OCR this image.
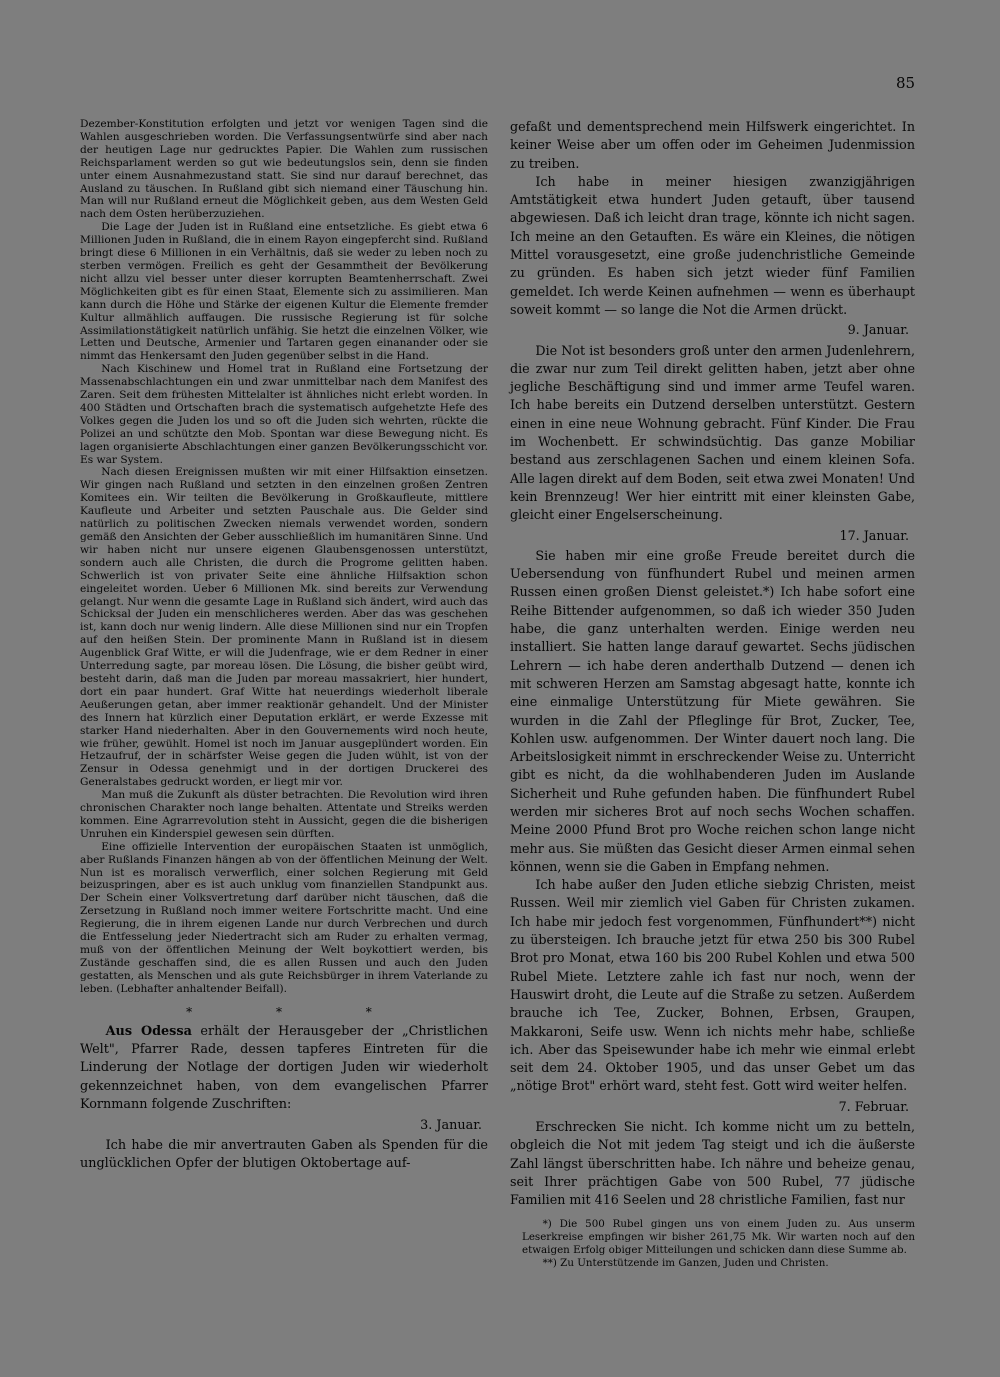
85

Dezember-Konstitution erfolgten und jetzt vor wenigen Tagen sind die Wahlen ausgeschrieben worden. Die Verfassungsentwürfe sind aber nach der heutigen Lage nur gedrucktes Papier. Die Wahlen zum russischen Reichsparlament werden so gut wie bedeutungslos sein, denn sie finden unter einem Ausnahmezustand statt. Sie sind nur darauf berechnet, das Ausland zu täuschen. In Rußland gibt sich niemand einer Täuschung hin. Man will nur Rußland erneut die Möglichkeit geben, aus dem Westen Geld nach dem Osten herüberzuziehen.

Die Lage der Juden ist in Rußland eine entsetzliche. Es giebt etwa 6 Millionen Juden in Rußland, die in einem Rayon eingepfercht sind. Rußland bringt diese 6 Millionen in ein Verhältnis, daß sie weder zu leben noch zu sterben vermögen. Freilich es geht der Gesammtheit der Bevölkerung nicht allzu viel besser unter dieser korrupten Beamtenherrschaft. Zwei Möglichkeiten gibt es für einen Staat, Elemente sich zu assimilieren. Man kann durch die Höhe und Stärke der eigenen Kultur die Elemente fremder Kultur allmählich auffaugen. Die russische Regierung ist für solche Assimilationstätigkeit natürlich unfähig. Sie hetzt die einzelnen Völker, wie Letten und Deutsche, Armenier und Tartaren gegen einanander oder sie nimmt das Henkersamt den Juden gegenüber selbst in die Hand.

Nach Kischinew und Homel trat in Rußland eine Fortsetzung der Massenabschlachtungen ein und zwar unmittelbar nach dem Manifest des Zaren. Seit dem frühesten Mittelalter ist ähnliches nicht erlebt worden. In 400 Städten und Ortschaften brach die systematisch aufgehetzte Hefe des Volkes gegen die Juden los und so oft die Juden sich wehrten, rückte die Polizei an und schützte den Mob. Spontan war diese Bewegung nicht. Es lagen organisierte Abschlachtungen einer ganzen Bevölkerungsschicht vor. Es war System.

Nach diesen Ereignissen mußten wir mit einer Hilfsaktion einsetzen. Wir gingen nach Rußland und setzten in den einzelnen großen Zentren Komitees ein. Wir teilten die Bevölkerung in Großkaufleute, mittlere Kaufleute und Arbeiter und setzten Pauschale aus. Die Gelder sind natürlich zu politischen Zwecken niemals verwendet worden, sondern gemäß den Ansichten der Geber ausschließlich im humanitären Sinne. Und wir haben nicht nur unsere eigenen Glaubensgenossen unterstützt, sondern auch alle Christen, die durch die Progrome gelitten haben. Schwerlich ist von privater Seite eine ähnliche Hilfsaktion schon eingeleitet worden. Ueber 6 Millionen Mk. sind bereits zur Verwendung gelangt. Nur wenn die gesamte Lage in Rußland sich ändert, wird auch das Schicksal der Juden ein menschlicheres werden. Aber das was geschehen ist, kann doch nur wenig lindern. Alle diese Millionen sind nur ein Tropfen auf den heißen Stein. Der prominente Mann in Rußland ist in diesem Augenblick Graf Witte, er will die Judenfrage, wie er dem Redner in einer Unterredung sagte, par moreau lösen. Die Lösung, die bisher geübt wird, besteht darin, daß man die Juden par moreau massakriert, hier hundert, dort ein paar hundert. Graf Witte hat neuerdings wiederholt liberale Aeußerungen getan, aber immer reaktionär gehandelt. Und der Minister des Innern hat kürzlich einer Deputation erklärt, er werde Exzesse mit starker Hand niederhalten. Aber in den Gouvernements wird noch heute, wie früher, gewühlt. Homel ist noch im Januar ausgeplündert worden. Ein Hetzaufruf, der in schärfster Weise gegen die Juden wühlt, ist von der Zensur in Odessa genehmigt und in der dortigen Druckerei des Generalstabes gedruckt worden, er liegt mir vor.

Man muß die Zukunft als düster betrachten. Die Revolution wird ihren chronischen Charakter noch lange behalten. Attentate und Streiks werden kommen. Eine Agrarrevolution steht in Aussicht, gegen die die bisherigen Unruhen ein Kinderspiel gewesen sein dürften.

Eine offizielle Intervention der europäischen Staaten ist unmöglich, aber Rußlands Finanzen hängen ab von der öffentlichen Meinung der Welt. Nun ist es moralisch verwerflich, einer solchen Regierung mit Geld beizuspringen, aber es ist auch unklug vom finanziellen Standpunkt aus. Der Schein einer Volksvertretung darf darüber nicht täuschen, daß die Zersetzung in Rußland noch immer weitere Fortschritte macht. Und eine Regierung, die in ihrem eigenen Lande nur durch Verbrechen und durch die Entfesselung jeder Niedertracht sich am Ruder zu erhalten vermag, muß von der öffentlichen Meinung der Welt boykottiert werden, bis Zustände geschaffen sind, die es allen Russen und auch den Juden gestatten, als Menschen und als gute Reichsbürger in ihrem Vaterlande zu leben. (Lebhafter anhaltender Beifall).

* * *

Aus Odessa erhält der Herausgeber der „Christlichen Welt", Pfarrer Rade, dessen tapferes Eintreten für die Linderung der Notlage der dortigen Juden wir wiederholt gekennzeichnet haben, von dem evangelischen Pfarrer Kornmann folgende Zuschriften:

3. Januar.

Ich habe die mir anvertrauten Gaben als Spenden für die unglücklichen Opfer der blutigen Oktobertage auf-

gefaßt und dementsprechend mein Hilfswerk eingerichtet. In keiner Weise aber um offen oder im Geheimen Judenmission zu treiben.

Ich habe in meiner hiesigen zwanzigjährigen Amtstätigkeit etwa hundert Juden getauft, über tausend abgewiesen. Daß ich leicht dran trage, könnte ich nicht sagen. Ich meine an den Getauften. Es wäre ein Kleines, die nötigen Mittel vorausgesetzt, eine große judenchristliche Gemeinde zu gründen. Es haben sich jetzt wieder fünf Familien gemeldet. Ich werde Keinen aufnehmen — wenn es überhaupt soweit kommt — so lange die Not die Armen drückt.

9. Januar.

Die Not ist besonders groß unter den armen Judenlehrern, die zwar nur zum Teil direkt gelitten haben, jetzt aber ohne jegliche Beschäftigung sind und immer arme Teufel waren. Ich habe bereits ein Dutzend derselben unterstützt. Gestern einen in eine neue Wohnung gebracht. Fünf Kinder. Die Frau im Wochenbett. Er schwindsüchtig. Das ganze Mobiliar bestand aus zerschlagenen Sachen und einem kleinen Sofa. Alle lagen direkt auf dem Boden, seit etwa zwei Monaten! Und kein Brennzeug! Wer hier eintritt mit einer kleinsten Gabe, gleicht einer Engelserscheinung.

17. Januar.

Sie haben mir eine große Freude bereitet durch die Uebersendung von fünfhundert Rubel und meinen armen Russen einen großen Dienst geleistet.*) Ich habe sofort eine Reihe Bittender aufgenommen, so daß ich wieder 350 Juden habe, die ganz unterhalten werden. Einige werden neu installiert. Sie hatten lange darauf gewartet. Sechs jüdischen Lehrern — ich habe deren anderthalb Dutzend — denen ich mit schweren Herzen am Samstag abgesagt hatte, konnte ich eine einmalige Unterstützung für Miete gewähren. Sie wurden in die Zahl der Pfleglinge für Brot, Zucker, Tee, Kohlen usw. aufgenommen. Der Winter dauert noch lang. Die Arbeitslosigkeit nimmt in erschreckender Weise zu. Unterricht gibt es nicht, da die wohlhabenderen Juden im Auslande Sicherheit und Ruhe gefunden haben. Die fünfhundert Rubel werden mir sicheres Brot auf noch sechs Wochen schaffen. Meine 2000 Pfund Brot pro Woche reichen schon lange nicht mehr aus. Sie müßten das Gesicht dieser Armen einmal sehen können, wenn sie die Gaben in Empfang nehmen.

Ich habe außer den Juden etliche siebzig Christen, meist Russen. Weil mir ziemlich viel Gaben für Christen zukamen. Ich habe mir jedoch fest vorgenommen, Fünfhundert**) nicht zu übersteigen. Ich brauche jetzt für etwa 250 bis 300 Rubel Brot pro Monat, etwa 160 bis 200 Rubel Kohlen und etwa 500 Rubel Miete. Letztere zahle ich fast nur noch, wenn der Hauswirt droht, die Leute auf die Straße zu setzen. Außerdem brauche ich Tee, Zucker, Bohnen, Erbsen, Graupen, Makkaroni, Seife usw. Wenn ich nichts mehr habe, schließe ich. Aber das Speisewunder habe ich mehr wie einmal erlebt seit dem 24. Oktober 1905, und das unser Gebet um das „nötige Brot" erhört ward, steht fest. Gott wird weiter helfen.

7. Februar.

Erschrecken Sie nicht. Ich komme nicht um zu betteln, obgleich die Not mit jedem Tag steigt und ich die äußerste Zahl längst überschritten habe. Ich nähre und beheize genau, seit Ihrer prächtigen Gabe von 500 Rubel, 77 jüdische Familien mit 416 Seelen und 28 christliche Familien, fast nur

*) Die 500 Rubel gingen uns von einem Juden zu. Aus unserm Leserkreise empfingen wir bisher 261,75 Mk. Wir warten noch auf den etwaigen Erfolg obiger Mitteilungen und schicken dann diese Summe ab.
**) Zu Unterstützende im Ganzen, Juden und Christen.
